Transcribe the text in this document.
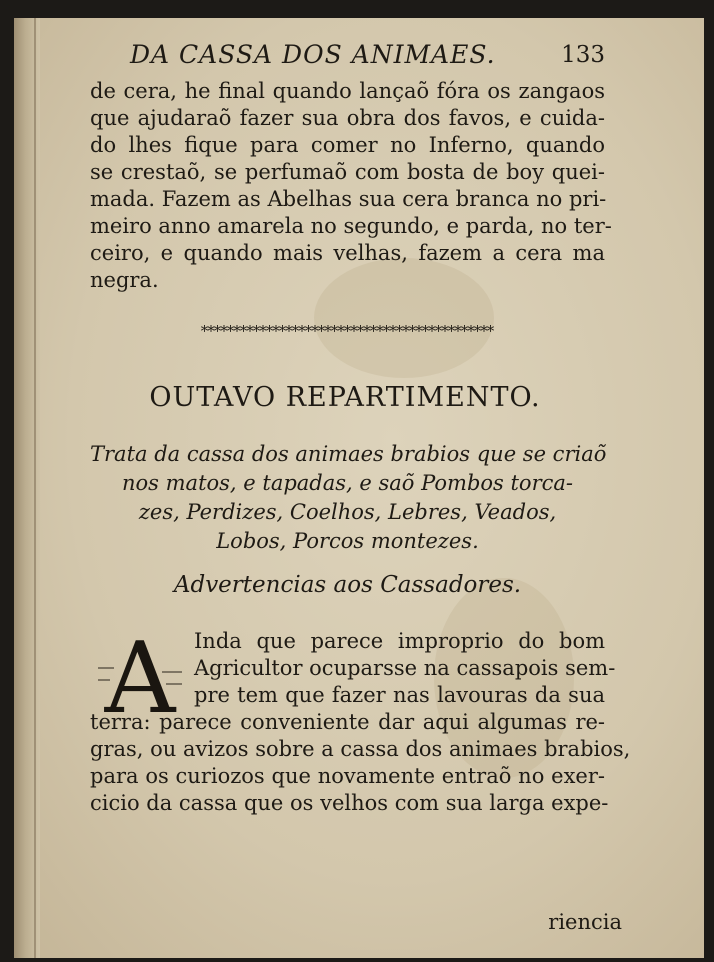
DA CASSA DOS ANIMAES.	133
de cera, he final quando lançaõ fóra os zangaos
que ajudaraõ fazer sua obra dos favos, e cuida-
do lhes fique para comer no Inferno, quando
se crestaõ, se perfumaõ com bosta de boy quei-
mada. Fazem as Abelhas sua cera branca no pri-
meiro anno amarela no segundo, e parda, no ter-
ceiro, e quando mais velhas, fazem a cera ma
negra.
*********************************************
OUTAVO REPARTIMENTO.
Trata da cassa dos animaes brabios que se criaõ
nos matos, e tapadas, e saõ Pombos torca-
zes, Perdizes, Coelhos, Lebres, Veados,
Lobos, Porcos montezes.
Advertencias aos Cassadores.
A Inda que parece improprio do bom
Agricultor ocuparsse na cassapois sem-
pre tem que fazer nas lavouras da sua
terra: parece conveniente dar aqui algumas re-
gras, ou avizos sobre a cassa dos animaes brabios,
para os curiozos que novamente entraõ no exer-
cicio da cassa que os velhos com sua larga expe-
riencia
